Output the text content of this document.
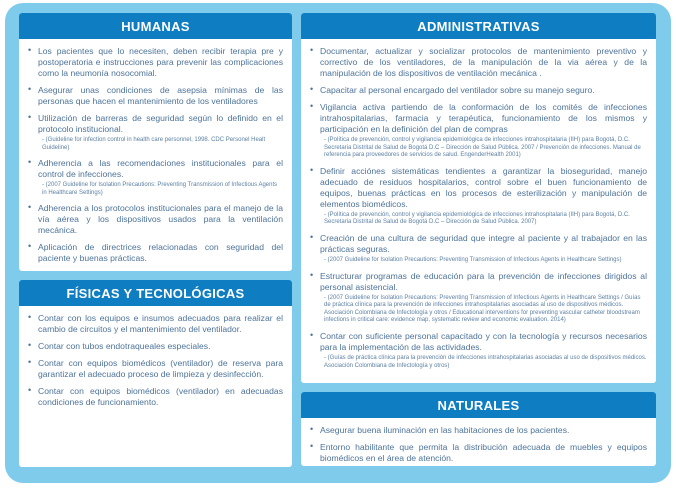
HUMANAS
• Los pacientes que lo necesiten, deben recibir terapia pre y postoperatoria e instrucciones para prevenir las complicaciones como la neumonía nosocomial.
• Asegurar unas condiciones de asepsia mínimas de las personas que hacen el mantenimiento de los ventiladores
• Utilización de barreras de seguridad según lo definido en el protocolo institucional.
- (Guideline for infection control in health care personnel, 1998. CDC Personel Healt Guideline)
• Adherencia a las recomendaciones institucionales para el control de infecciones.
- (2007 Guideline for Isolation Precautions: Preventing Transmission of Infectious Agents in Healthcare Settings)
• Adherencia a los protocolos institucionales para el manejo de la vía aérea y los dispositivos usados para la ventilación mecánica.
• Aplicación de directrices relacionadas con seguridad del paciente y buenas prácticas.
FÍSICAS Y TECNOLÓGICAS
• Contar con los equipos e insumos adecuados para realizar el cambio de circuitos y el mantenimiento del ventilador.
• Contar con tubos endotraqueales especiales.
• Contar con equipos biomédicos (ventilador) de reserva para garantizar el adecuado proceso de limpieza y desinfección.
• Contar con equipos biomédicos (ventilador) en adecuadas condiciones de funcionamiento.
ADMINISTRATIVAS
• Documentar, actualizar y socializar protocolos de mantenimiento preventivo y correctivo de los ventiladores, de la manipulación de la via aérea y de la manipulación de los dispositivos de ventilación mecánica .
• Capacitar al personal encargado del ventilador sobre su manejo seguro.
• Vigilancia activa partiendo de la conformación de los comités de infecciones intrahospitalarias, farmacia y terapéutica, funcionamiento de los mismos y participación en la definición del plan de compras
- (Política de prevención, control y vigilancia epidemiológica de infecciones intrahospitalaria (IIH) para Bogotá, D.C. Secretaria Distrital de Salud de Bogotá D.C – Dirección de Salud Pública. 2007 / Prevención de infecciones. Manual de referencia para proveedores de servicios de salud. EngenderHealth 2001)
• Definir acciónes sistemáticas tendientes a garantizar la bioseguridad, manejo adecuado de residuos hospitalarios, control sobre el buen funcionamiento de equipos, buenas prácticas en los procesos de esterilización y manipulación de elementos biomédicos.
- (Política de prevención, control y vigilancia epidemiológica de infecciones intrahospitalaria (IIH) para Bogotá, D.C. Secretaria Distrital de Salud de Bogotá D.C – Dirección de Salud Pública. 2007)
• Creación de una cultura de seguridad que integre al paciente y al trabajador en las prácticas seguras.
- (2007 Guideline for Isolation Precautions: Preventing Transmission of Infectious Agents in Healthcare Settings)
• Estructurar programas de educación para la prevención de infecciones dirigidos al personal asistencial.
- (2007 Guideline for Isolation Precautions: Preventing Transmission of Infectious Agents in Healthcare Settings / Guías de práctica clínica para la prevención de infecciones intrahospitalarias asociadas al uso de dispositivos médicos. Asociación Colombiana de Infectología y otros / Educational interventions for preventing vascular catheter bloodstream infections in critical care: evidence map, systematic review and economic evaluation. 2014)
• Contar con suficiente personal capacitado y con la tecnología y recursos necesarios para la implementación de las actividades.
- (Guías de práctica clínica para la prevención de infecciones intrahospitalarias asociadas al uso de dispositivos médicos. Asociación Colombiana de Infectología y otros)
NATURALES
• Asegurar buena iluminación en las habitaciones de los pacientes.
• Entorno habilitante que permita la distribución adecuada de muebles y equipos biomédicos en el área de atención.
